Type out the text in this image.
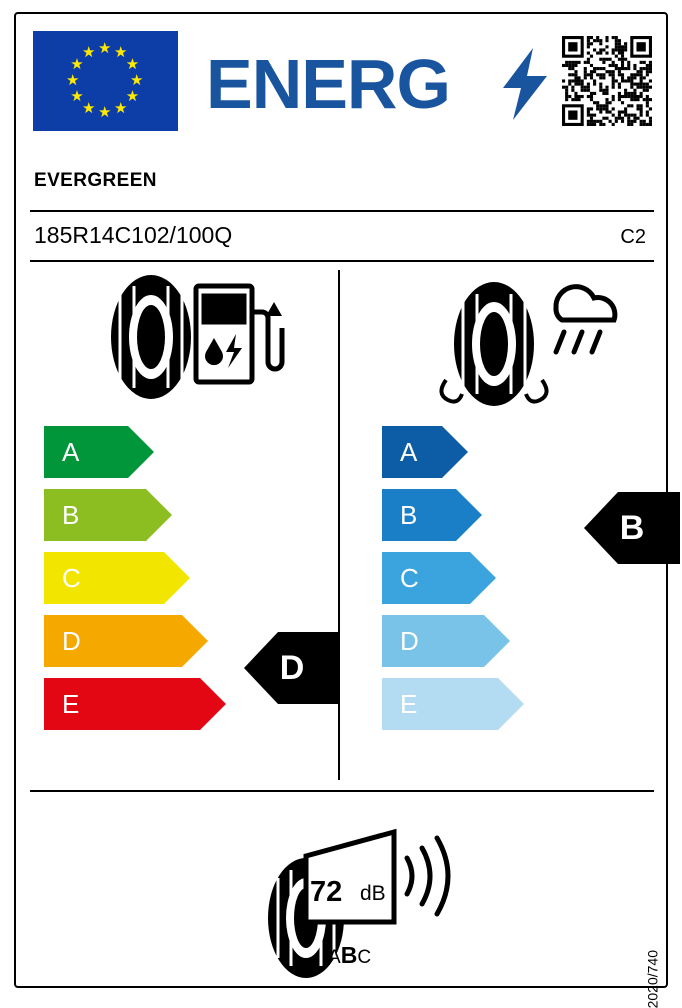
★ ★
★
★
★
★
★
★
★
★
★
★ ENERG
EVERGREEN
185R14C102/100Q	C2
A
B
C
D
E
D
A
B
C
D
E
B
72 dB
ABC	2020/740
